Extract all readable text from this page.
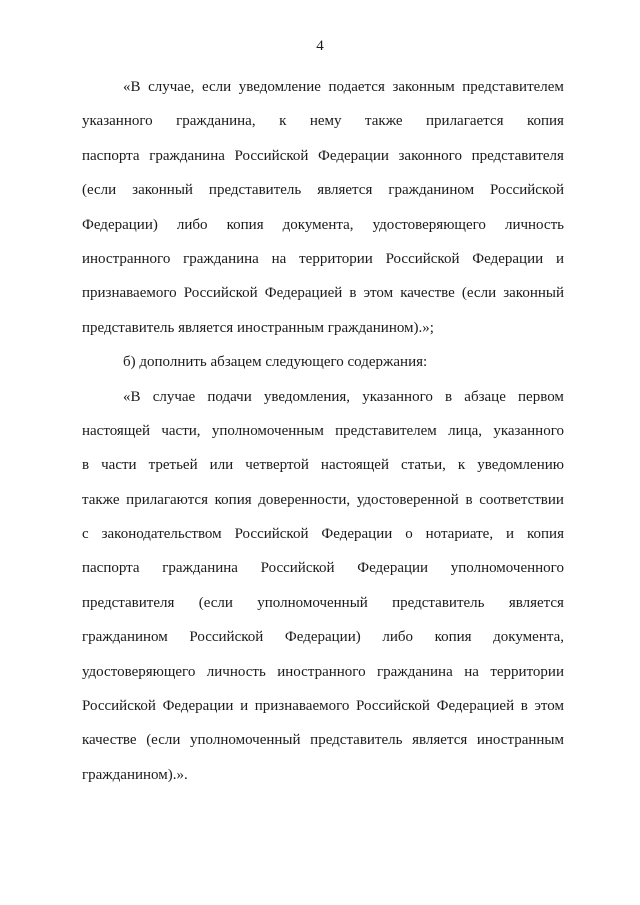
4
«В случае, если уведомление подается законным представителем
указанного гражданина, к нему также прилагается копия
паспорта гражданина Российской Федерации законного представителя
(если законный представитель является гражданином Российской
Федерации) либо копия документа, удостоверяющего личность
иностранного гражданина на территории Российской Федерации и
признаваемого Российской Федерацией в этом качестве (если законный
представитель является иностранным гражданином).»;
б) дополнить абзацем следующего содержания:
«В случае подачи уведомления, указанного в абзаце первом
настоящей части, уполномоченным представителем лица, указанного
в части третьей или четвертой настоящей статьи, к уведомлению
также прилагаются копия доверенности, удостоверенной в соответствии
с законодательством Российской Федерации о нотариате, и копия
паспорта гражданина Российской Федерации уполномоченного
представителя (если уполномоченный представитель является
гражданином Российской Федерации) либо копия документа,
удостоверяющего личность иностранного гражданина на территории
Российской Федерации и признаваемого Российской Федерацией в этом
качестве (если уполномоченный представитель является иностранным
гражданином).».
